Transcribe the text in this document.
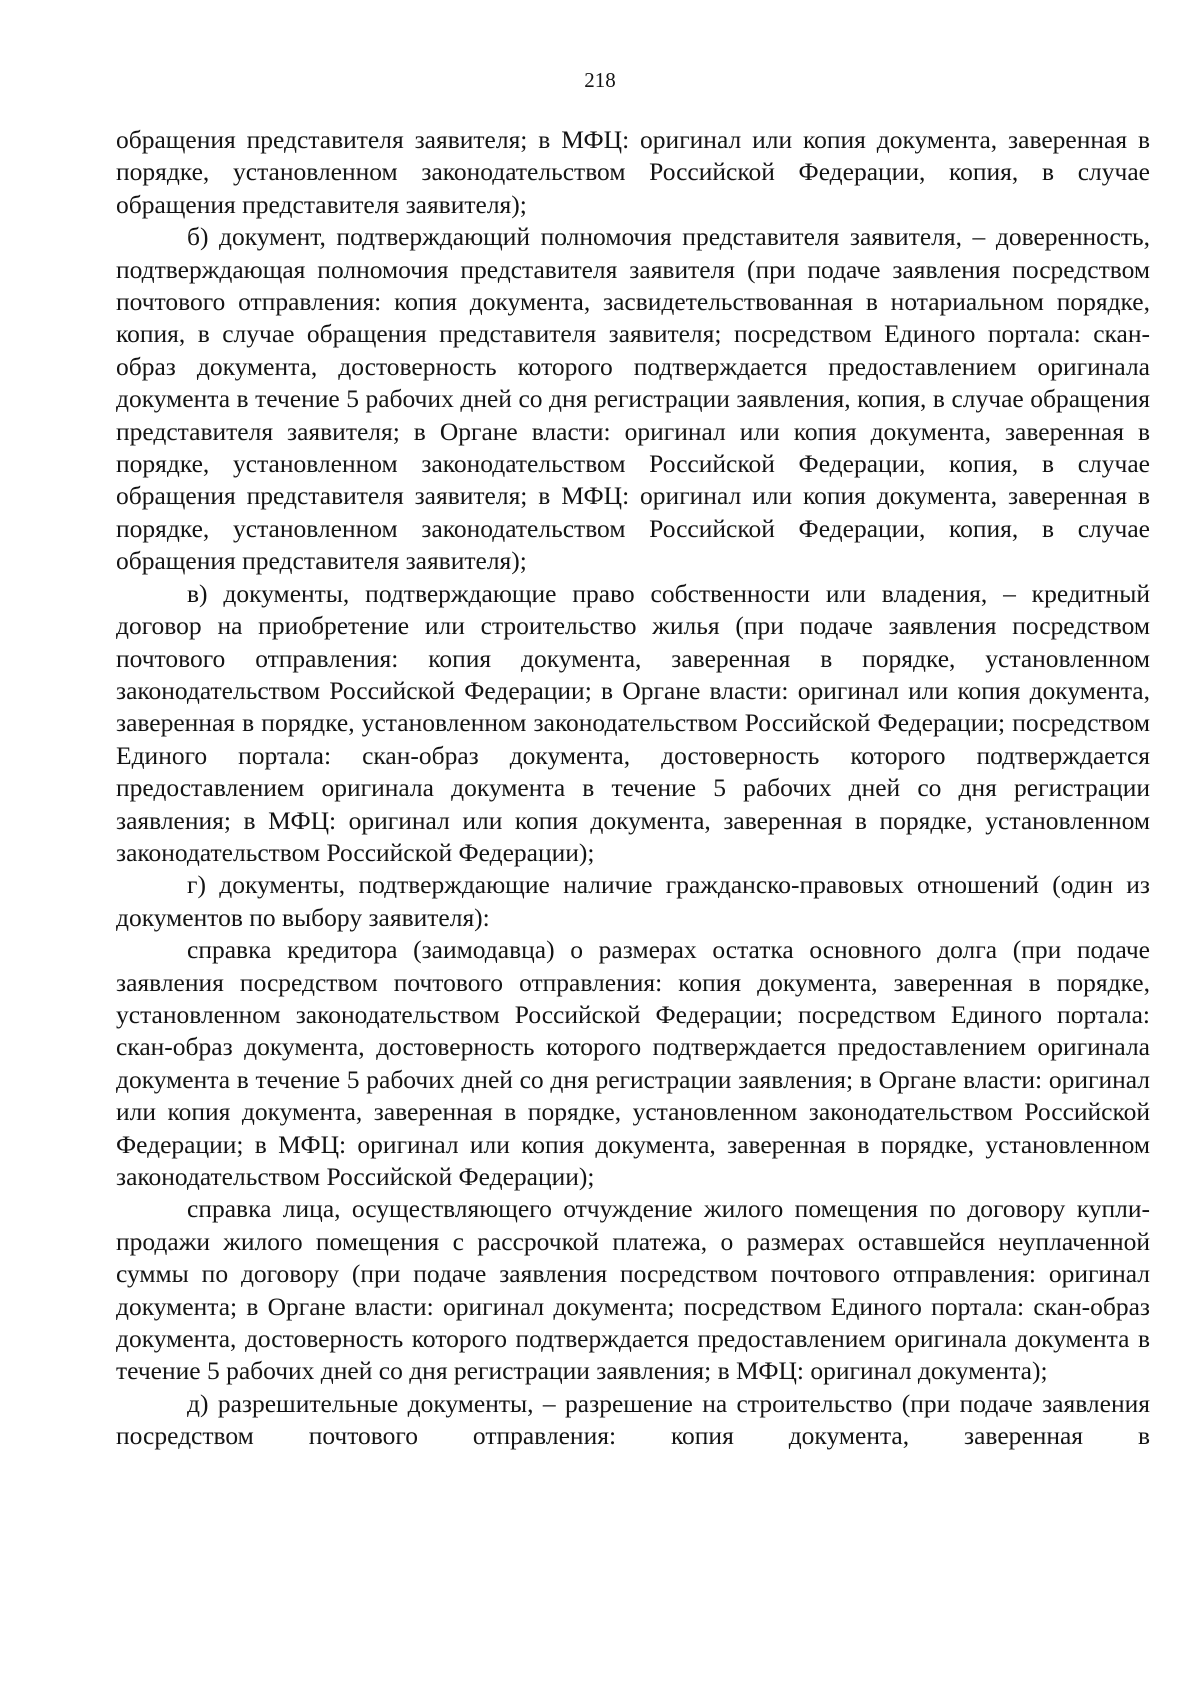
218

обращения представителя заявителя; в МФЦ: оригинал или копия документа, заверенная в порядке, установленном законодательством Российской Федерации, копия, в случае обращения представителя заявителя);

б) документ, подтверждающий полномочия представителя заявителя, – доверенность, подтверждающая полномочия представителя заявителя (при подаче заявления посредством почтового отправления: копия документа, засвидетельствованная в нотариальном порядке, копия, в случае обращения представителя заявителя; посредством Единого портала: скан-образ документа, достоверность которого подтверждается предоставлением оригинала документа в течение 5 рабочих дней со дня регистрации заявления, копия, в случае обращения представителя заявителя; в Органе власти: оригинал или копия документа, заверенная в порядке, установленном законодательством Российской Федерации, копия, в случае обращения представителя заявителя; в МФЦ: оригинал или копия документа, заверенная в порядке, установленном законодательством Российской Федерации, копия, в случае обращения представителя заявителя);

в) документы, подтверждающие право собственности или владения, – кредитный договор на приобретение или строительство жилья (при подаче заявления посредством почтового отправления: копия документа, заверенная в порядке, установленном законодательством Российской Федерации; в Органе власти: оригинал или копия документа, заверенная в порядке, установленном законодательством Российской Федерации; посредством Единого портала: скан-образ документа, достоверность которого подтверждается предоставлением оригинала документа в течение 5 рабочих дней со дня регистрации заявления; в МФЦ: оригинал или копия документа, заверенная в порядке, установленном законодательством Российской Федерации);

г) документы, подтверждающие наличие гражданско-правовых отношений (один из документов по выбору заявителя):

справка кредитора (заимодавца) о размерах остатка основного долга (при подаче заявления посредством почтового отправления: копия документа, заверенная в порядке, установленном законодательством Российской Федерации; посредством Единого портала: скан-образ документа, достоверность которого подтверждается предоставлением оригинала документа в течение 5 рабочих дней со дня регистрации заявления; в Органе власти: оригинал или копия документа, заверенная в порядке, установленном законодательством Российской Федерации; в МФЦ: оригинал или копия документа, заверенная в порядке, установленном законодательством Российской Федерации);

справка лица, осуществляющего отчуждение жилого помещения по договору купли-продажи жилого помещения с рассрочкой платежа, о размерах оставшейся неуплаченной суммы по договору (при подаче заявления посредством почтового отправления: оригинал документа; в Органе власти: оригинал документа; посредством Единого портала: скан-образ документа, достоверность которого подтверждается предоставлением оригинала документа в течение 5 рабочих дней со дня регистрации заявления; в МФЦ: оригинал документа);

д) разрешительные документы, – разрешение на строительство (при подаче заявления посредством почтового отправления: копия документа, заверенная в
